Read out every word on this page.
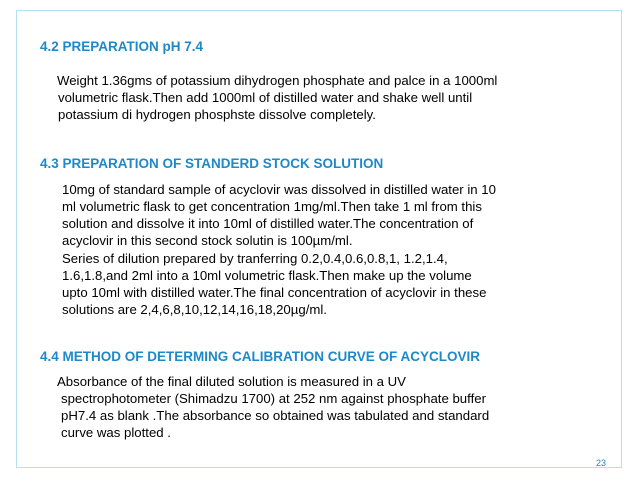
4.2 PREPARATION pH 7.4
Weight 1.36gms of potassium dihydrogen phosphate and palce in a 1000ml
volumetric flask.Then add 1000ml of distilled water and shake well until
potassium di hydrogen phosphste dissolve completely.
4.3 PREPARATION OF STANDERD STOCK SOLUTION
10mg of standard sample of acyclovir was dissolved in distilled water in 10
ml volumetric flask to get concentration 1mg/ml.Then take 1 ml from this
solution and dissolve it into 10ml of distilled water.The concentration of
acyclovir in this second stock solutin is 100µm/ml.
Series of dilution prepared by tranferring 0.2,0.4,0.6,0.8,1, 1.2,1.4,
1.6,1.8,and 2ml into a 10ml volumetric flask.Then make up the volume
upto 10ml with distilled water.The final concentration of acyclovir in these
solutions are 2,4,6,8,10,12,14,16,18,20µg/ml.
4.4 METHOD OF DETERMING CALIBRATION CURVE OF ACYCLOVIR
Absorbance of the final diluted solution is measured in a UV
spectrophotometer (Shimadzu 1700) at 252 nm against phosphate buffer
pH7.4 as blank .The absorbance so obtained was tabulated and standard
curve was plotted .
23
